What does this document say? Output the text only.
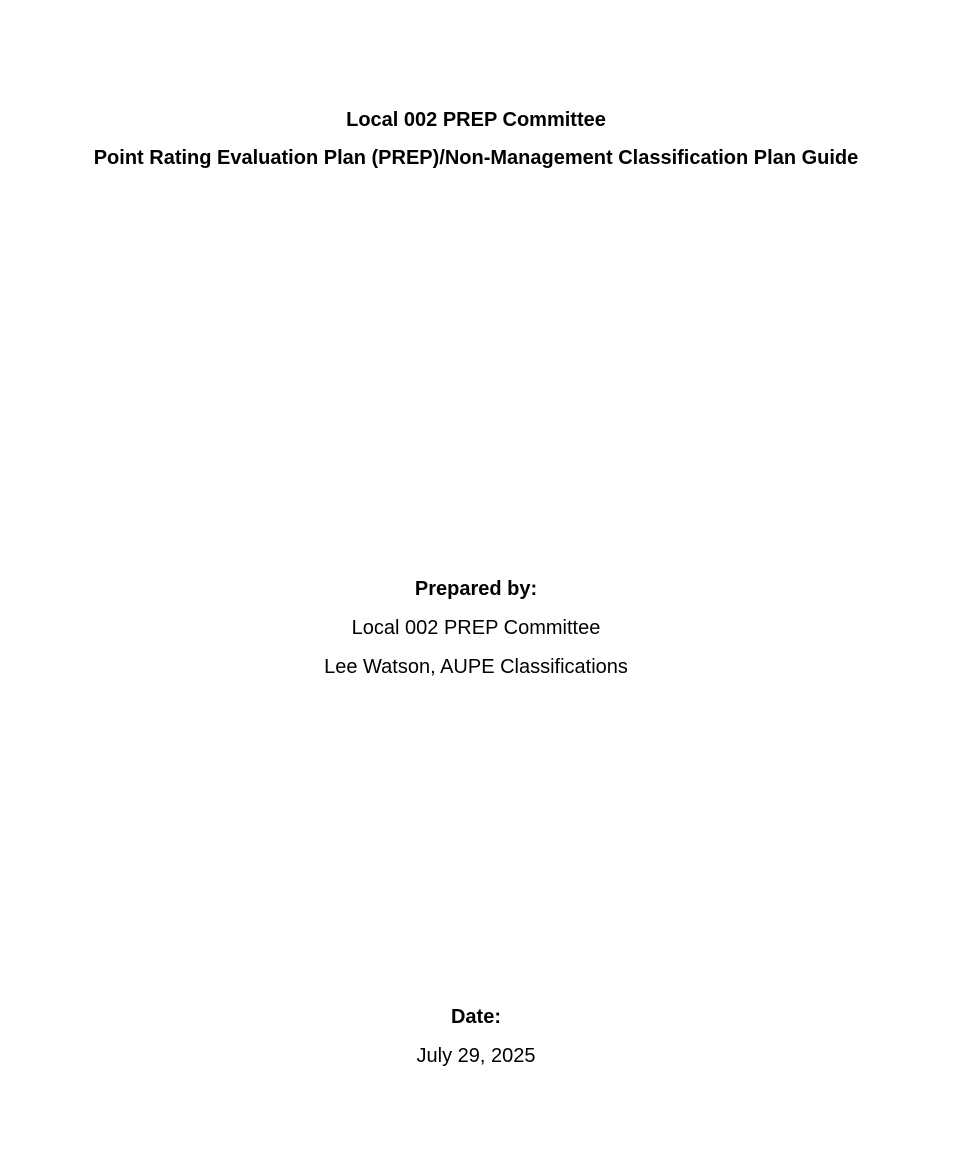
Local 002 PREP Committee
Point Rating Evaluation Plan (PREP)/Non-Management Classification Plan Guide
Prepared by:
Local 002 PREP Committee
Lee Watson, AUPE Classifications
Date:
July 29, 2025
